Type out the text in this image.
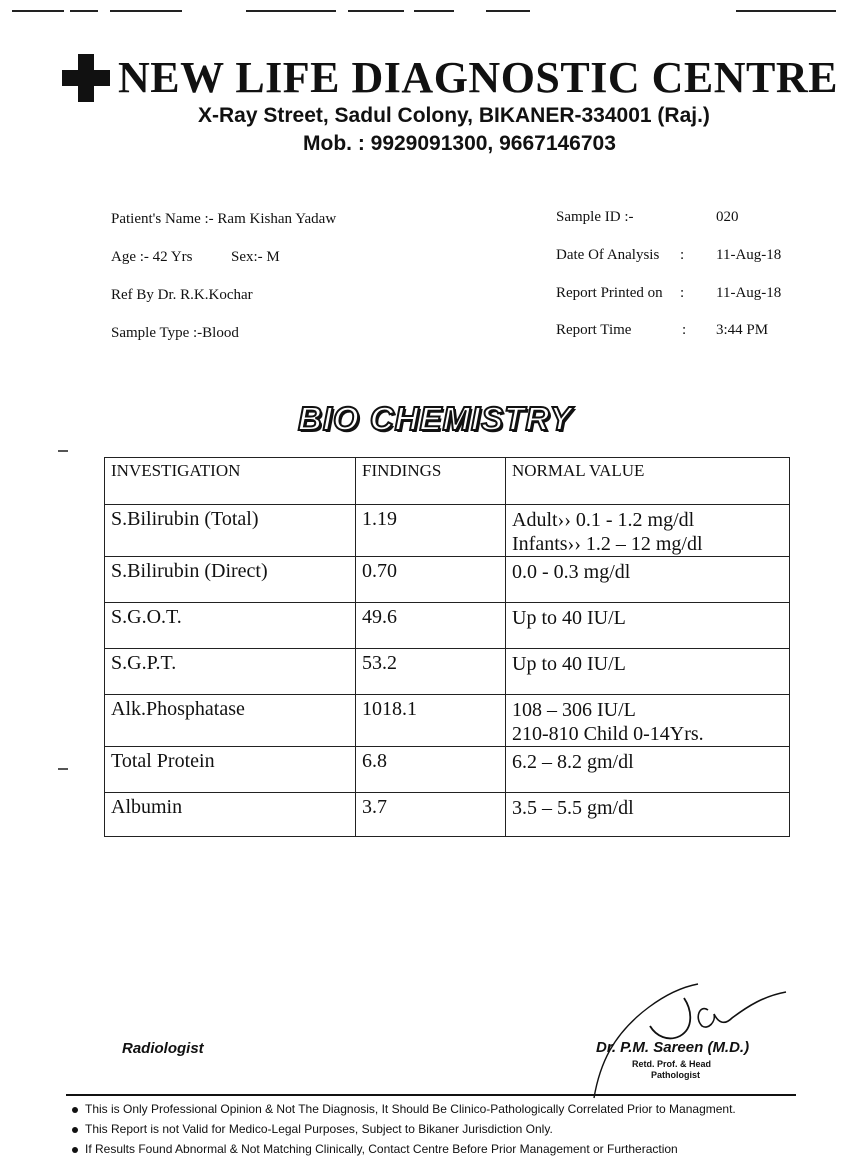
NEW LIFE DIAGNOSTIC CENTRE
X-Ray Street, Sadul Colony, BIKANER-334001 (Raj.)
Mob. : 9929091300, 9667146703
Patient's Name :- Ram Kishan Yadaw
Age :- 42 Yrs	Sex:- M
Ref By Dr. R.K.Kochar
Sample Type :-Blood
Sample ID :-	020
Date Of Analysis : 11-Aug-18
Report Printed on : 11-Aug-18
Report Time	: 3:44 PM
BIO CHEMISTRY
INVESTIGATION	FINDINGS	NORMAL VALUE
S.Bilirubin (Total)	1.19	Adult›› 0.1 - 1.2 mg/dl
Infants›› 1.2 – 12 mg/dl

S.Bilirubin (Direct)	0.70	0.0 - 0.3 mg/dl

S.G.O.T.	49.6	Up to 40 IU/L

S.G.P.T.	53.2	Up to 40 IU/L

Alk.Phosphatase	1018.1	108 – 306 IU/L
210-810 Child 0-14Yrs.

Total Protein	6.8	6.2 – 8.2 gm/dl

Albumin	3.7	3.5 – 5.5 gm/dl
Radiologist	Dr. P.M. Sareen (M.D.)
Retd. Prof. & Head
Pathologist
This is Only Professional Opinion & Not The Diagnosis, It Should Be Clinico-Pathologically Correlated Prior to Managment.
This Report is not Valid for Medico-Legal Purposes, Subject to Bikaner Jurisdiction Only.
If Results Found Abnormal & Not Matching Clinically, Contact Centre Before Prior Management or Furtheraction
